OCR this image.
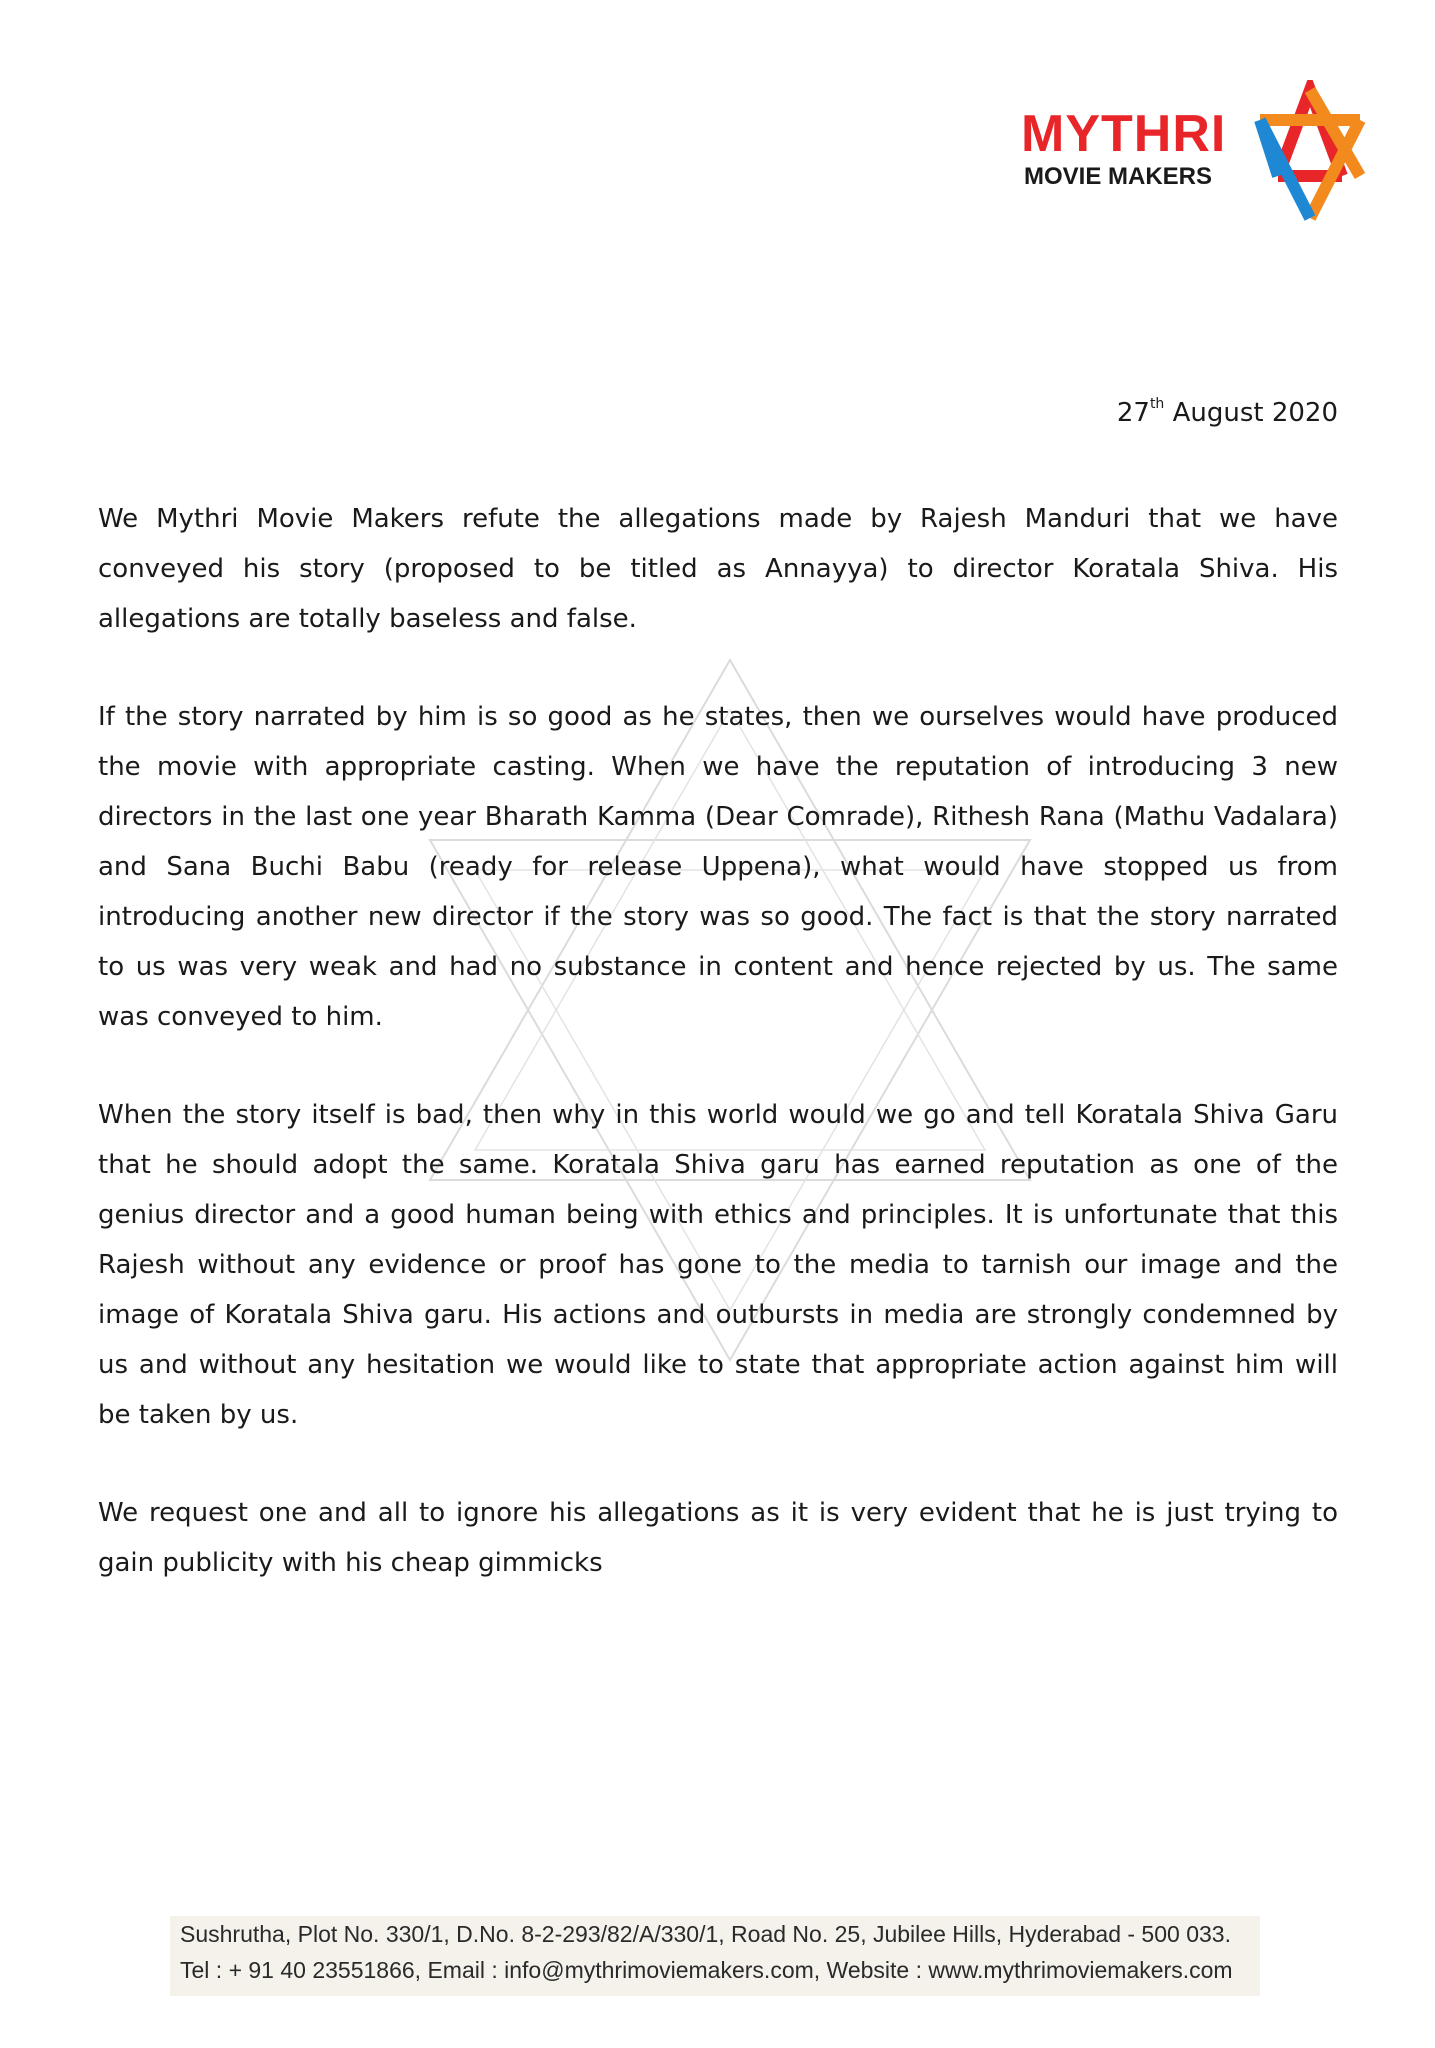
MYTHRI
MOVIE MAKERS
27th August 2020

We Mythri Movie Makers refute the allegations made by Rajesh Manduri that we have conveyed his story (proposed to be titled as Annayya) to director Koratala Shiva. His allegations are totally baseless and false.

If the story narrated by him is so good as he states, then we ourselves would have produced the movie with appropriate casting. When we have the reputation of introducing 3 new directors in the last one year Bharath Kamma (Dear Comrade), Rithesh Rana (Mathu Vadalara) and Sana Buchi Babu (ready for release Uppena), what would have stopped us from introducing another new director if the story was so good. The fact is that the story narrated to us was very weak and had no substance in content and hence rejected by us. The same was conveyed to him.

When the story itself is bad, then why in this world would we go and tell Koratala Shiva Garu that he should adopt the same. Koratala Shiva garu has earned reputation as one of the genius director and a good human being with ethics and principles. It is unfortunate that this Rajesh without any evidence or proof has gone to the media to tarnish our image and the image of Koratala Shiva garu. His actions and outbursts in media are strongly condemned by us and without any hesitation we would like to state that appropriate action against him will be taken by us.

We request one and all to ignore his allegations as it is very evident that he is just trying to gain publicity with his cheap gimmicks

Sushrutha, Plot No. 330/1, D.No. 8-2-293/82/A/330/1, Road No. 25, Jubilee Hills, Hyderabad - 500 033.
Tel : + 91 40 23551866, Email : info@mythrimoviemakers.com, Website : www.mythrimoviemakers.com
